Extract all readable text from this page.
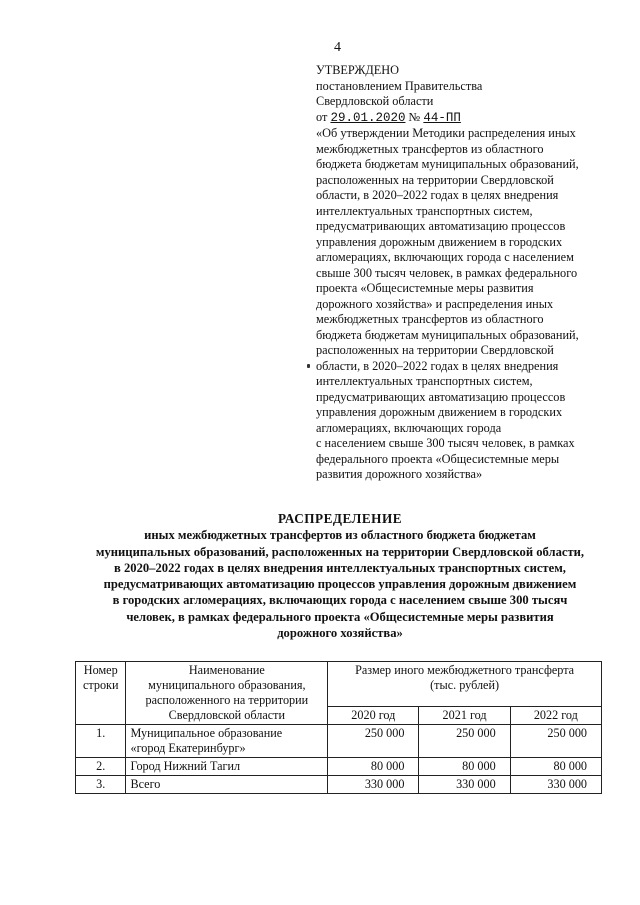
4
УТВЕРЖДЕНО
постановлением Правительства
Свердловской области
от 29.01.2020 № 44-ПП
«Об утверждении Методики распределения иных
межбюджетных трансфертов из областного
бюджета бюджетам муниципальных образований,
расположенных на территории Свердловской
области, в 2020–2022 годах в целях внедрения
интеллектуальных транспортных систем,
предусматривающих автоматизацию процессов
управления дорожным движением в городских
агломерациях, включающих города с населением
свыше 300 тысяч человек, в рамках федерального
проекта «Общесистемные меры развития
дорожного хозяйства» и распределения иных
межбюджетных трансфертов из областного
бюджета бюджетам муниципальных образований,
расположенных на территории Свердловской
области, в 2020–2022 годах в целях внедрения
интеллектуальных транспортных систем,
предусматривающих автоматизацию процессов
управления дорожным движением в городских
агломерациях, включающих города
с населением свыше 300 тысяч человек, в рамках
федерального проекта «Общесистемные меры
развития дорожного хозяйства»
РАСПРЕДЕЛЕНИЕ
иных межбюджетных трансфертов из областного бюджета бюджетам
муниципальных образований, расположенных на территории Свердловской области,
в 2020–2022 годах в целях внедрения интеллектуальных транспортных систем,
предусматривающих автоматизацию процессов управления дорожным движением
в городских агломерациях, включающих города с населением свыше 300 тысяч
человек, в рамках федерального проекта «Общесистемные меры развития
дорожного хозяйства»
Номер
строки	Наименование
муниципального образования,
расположенного на территории
Свердловской области	Размер иного межбюджетного трансферта
(тыс. рублей)		
		2020 год	2021 год	2022 год
1.	Муниципальное образование
«город Екатеринбург»	250 000	250 000	250 000
2.	Город Нижний Тагил	80 000	80 000	80 000
3.	Всего	330 000	330 000	330 000
